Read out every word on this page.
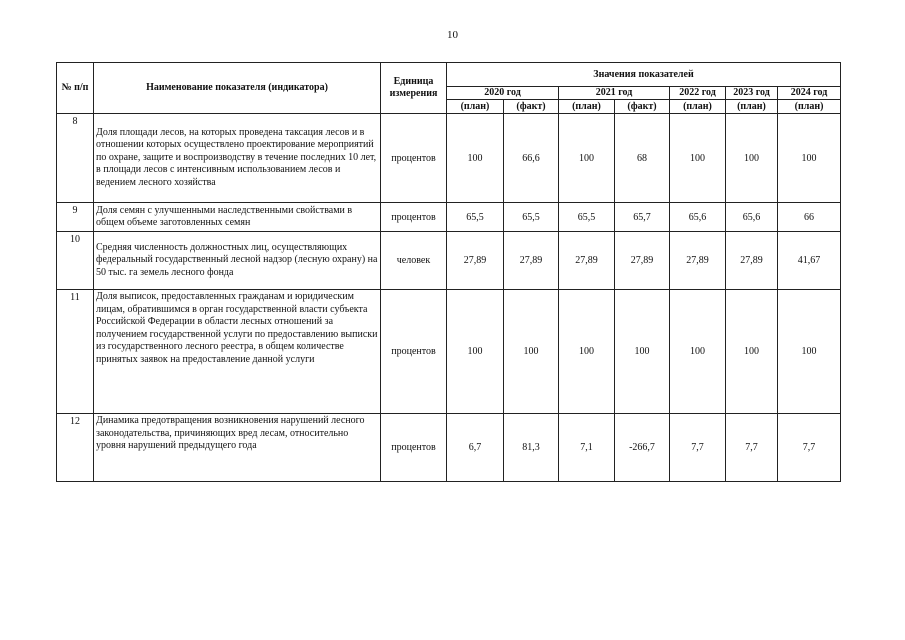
10
№ п/п	Наименование показателя (индикатора)	Единица измерения	Значения показателей						
			2020 год		2021 год		2022 год	2023 год	2024 год
			(план)	(факт)	(план)	(факт)	(план)	(план)	(план)
8	Доля площади лесов, на которых проведена таксация лесов и в отношении которых осуществлено проектирование мероприятий по охране, защите и воспроизводству в течение последних 10 лет, в площади лесов с интенсивным использованием лесов и ведением лесного хозяйства	процентов	100	66,6	100	68	100	100	100
9	Доля семян с улучшенными наследственными свойствами в общем объеме заготовленных семян	процентов	65,5	65,5	65,5	65,7	65,6	65,6	66
10	Средняя численность должностных лиц, осуществляющих федеральный государственный лесной надзор (лесную охрану) на 50 тыс. га земель лесного фонда	человек	27,89	27,89	27,89	27,89	27,89	27,89	41,67
11	Доля выписок, предоставленных гражданам и юридическим лицам, обратившимся в орган государственной власти субъекта Российской Федерации в области лесных отношений за получением государственной услуги по предоставлению выписки из государственного лесного реестра, в общем количестве принятых заявок на предоставление данной услуги	процентов	100	100	100	100	100	100	100
12	Динамика предотвращения возникновения нарушений лесного законодательства, причиняющих вред лесам, относительно уровня нарушений предыдущего года	процентов	6,7	81,3	7,1	-266,7	7,7	7,7	7,7
